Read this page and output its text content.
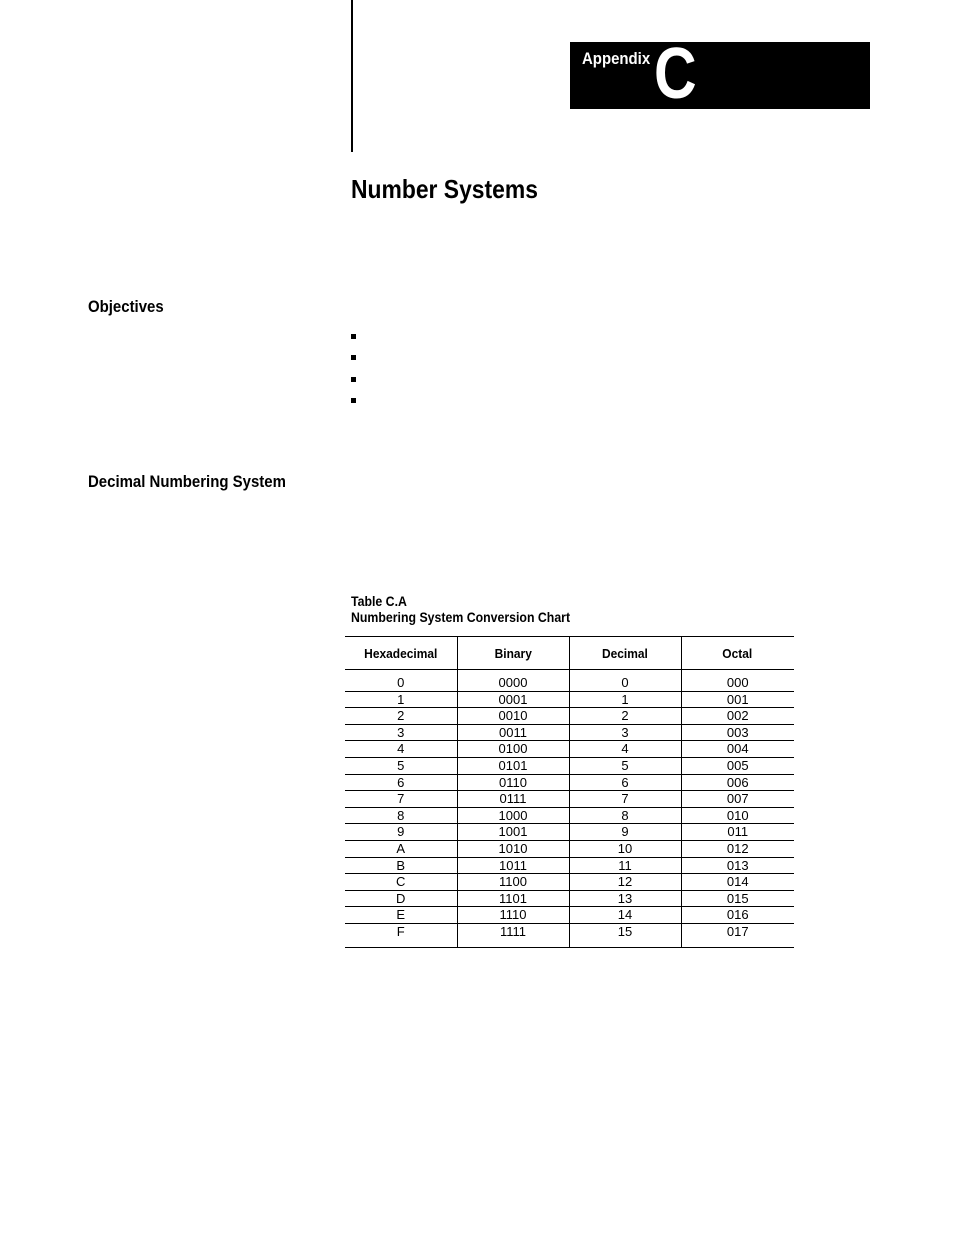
Appendix C
Number Systems
Objectives
Decimal Numbering System
Table C.A
Numbering System Conversion Chart
Hexadecimal	Binary	Decimal	Octal
0	0000	0	000
1	0001	1	001
2	0010	2	002
3	0011	3	003
4	0100	4	004
5	0101	5	005
6	0110	6	006
7	0111	7	007
8	1000	8	010
9	1001	9	011
A	1010	10	012
B	1011	11	013
C	1100	12	014
D	1101	13	015
E	1110	14	016
F	1111	15	017
